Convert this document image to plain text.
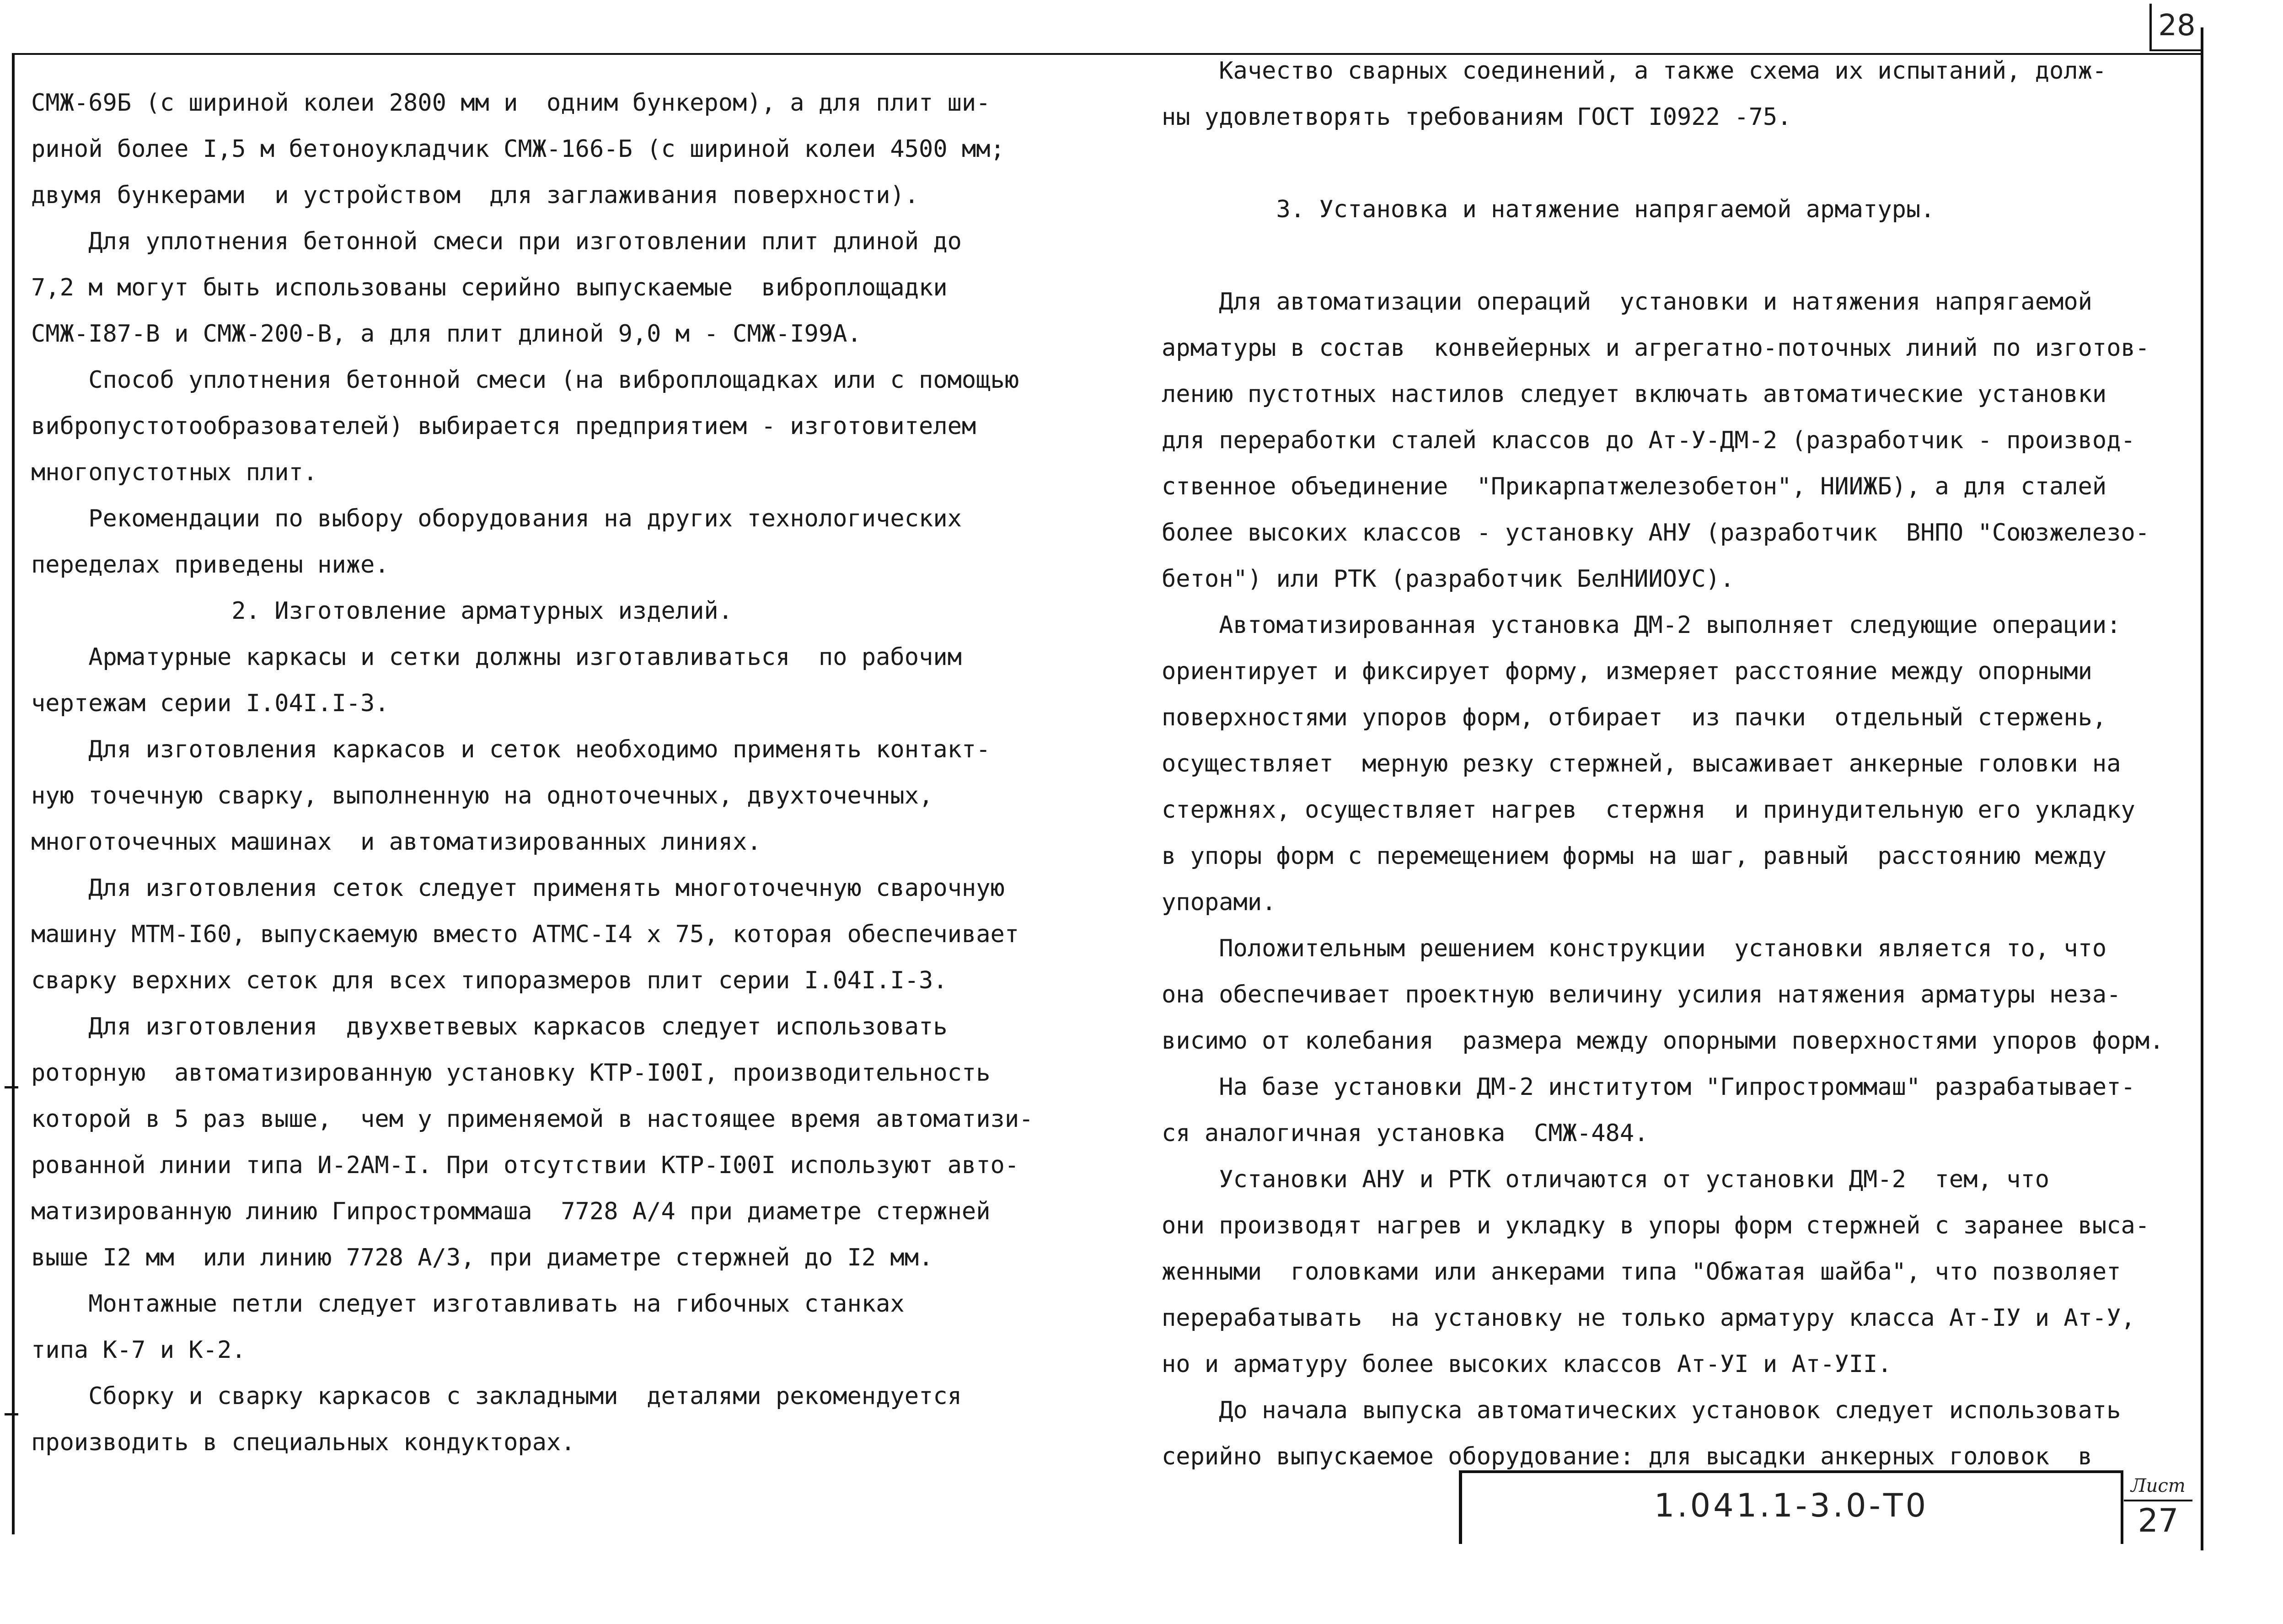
28
СМЖ-69Б (с шириной колеи 2800 мм и  одним бункером), а для плит ши-
риной более I,5 м бетоноукладчик СМЖ-166-Б (с шириной колеи 4500 мм;
двумя бункерами  и устройством  для заглаживания поверхности).
Для уплотнения бетонной смеси при изготовлении плит длиной до
7,2 м могут быть использованы серийно выпускаемые  виброплощадки
СМЖ-I87-В и СМЖ-200-В, а для плит длиной 9,0 м - СМЖ-I99А.
Способ уплотнения бетонной смеси (на виброплощадках или с помощью
вибропустотообразователей) выбирается предприятием - изготовителем
многопустотных плит.
Рекомендации по выбору оборудования на других технологических
переделах приведены ниже.
2. Изготовление арматурных изделий.
Арматурные каркасы и сетки должны изготавливаться  по рабочим
чертежам серии I.04I.I-3.
Для изготовления каркасов и сеток необходимо применять контакт-
ную точечную сварку, выполненную на одноточечных, двухточечных,
многоточечных машинах  и автоматизированных линиях.
Для изготовления сеток следует применять многоточечную сварочную
машину МТМ-I60, выпускаемую вместо АТМС-I4 х 75, которая обеспечивает
сварку верхних сеток для всех типоразмеров плит серии I.04I.I-3.
Для изготовления  двухветвевых каркасов следует использовать
роторную  автоматизированную установку КТР-I00I, производительность
которой в 5 раз выше,  чем у применяемой в настоящее время автоматизи-
рованной линии типа И-2АМ-I. При отсутствии КТР-I00I используют авто-
матизированную линию Гипростроммаша  7728 А/4 при диаметре стержней
выше I2 мм  или линию 7728 А/3, при диаметре стержней до I2 мм.
Монтажные петли следует изготавливать на гибочных станках
типа К-7 и К-2.
Сборку и сварку каркасов с закладными  деталями рекомендуется
производить в специальных кондукторах.
Качество сварных соединений, а также схема их испытаний, долж-
ны удовлетворять требованиям ГОСТ I0922 -75.
3. Установка и натяжение напрягаемой арматуры.
Для автоматизации операций  установки и натяжения напрягаемой
арматуры в состав  конвейерных и агрегатно-поточных линий по изготов-
лению пустотных настилов следует включать автоматические установки
для переработки сталей классов до Ат-У-ДМ-2 (разработчик - производ-
ственное объединение  "Прикарпатжелезобетон", НИИЖБ), а для сталей
более высоких классов - установку АНУ (разработчик  ВНПО "Союзжелезо-
бетон") или РТК (разработчик БелНИИОУС).
Автоматизированная установка ДМ-2 выполняет следующие операции:
ориентирует и фиксирует форму, измеряет расстояние между опорными
поверхностями упоров форм, отбирает  из пачки  отдельный стержень,
осуществляет  мерную резку стержней, высаживает анкерные головки на
стержнях, осуществляет нагрев  стержня  и принудительную его укладку
в упоры форм с перемещением формы на шаг, равный  расстоянию между
упорами.
Положительным решением конструкции  установки является то, что
она обеспечивает проектную величину усилия натяжения арматуры неза-
висимо от колебания  размера между опорными поверхностями упоров форм.
На базе установки ДМ-2 институтом "Гипростроммаш" разрабатывает-
ся аналогичная установка  СМЖ-484.
Установки АНУ и РТК отличаются от установки ДМ-2  тем, что
они производят нагрев и укладку в упоры форм стержней с заранее выса-
женными  головками или анкерами типа "Обжатая шайба", что позволяет
перерабатывать  на установку не только арматуру класса Ат-IУ и Ат-У,
но и арматуру более высоких классов Ат-УI и Ат-УII.
До начала выпуска автоматических установок следует использовать
серийно выпускаемое оборудование: для высадки анкерных головок  в
1.041.1-3.0-Т0
Лист
27
